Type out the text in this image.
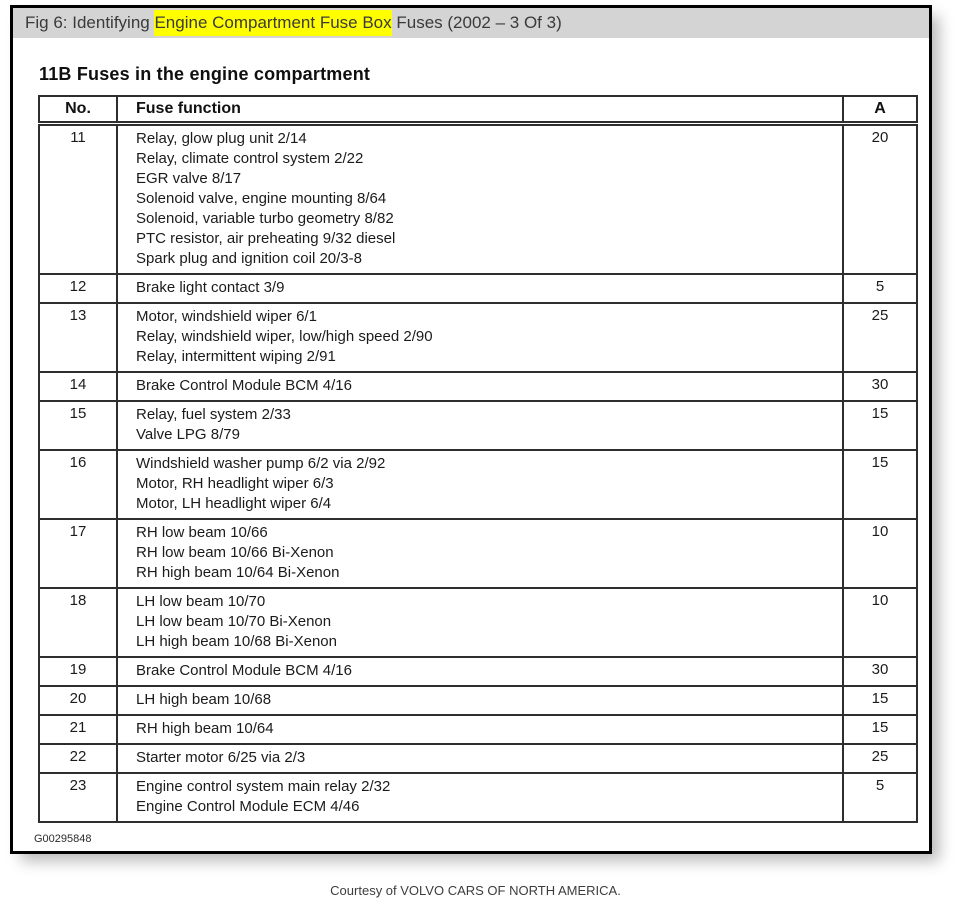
Fig 6: Identifying Engine Compartment Fuse Box Fuses (2002 – 3 Of 3)
11B Fuses in the engine compartment
No.	Fuse function	A
11	Relay, glow plug unit 2/14
Relay, climate control system 2/22
EGR valve 8/17
Solenoid valve, engine mounting 8/64
Solenoid, variable turbo geometry 8/82
PTC resistor, air preheating 9/32 diesel
Spark plug and ignition coil 20/3-8
	20
12	Brake light contact 3/9	5
13	Motor, windshield wiper 6/1
Relay, windshield wiper, low/high speed 2/90
Relay, intermittent wiping 2/91	25
14	Brake Control Module BCM 4/16	30
15	Relay, fuel system 2/33
Valve LPG 8/79	15
16	Windshield washer pump 6/2 via 2/92
Motor, RH headlight wiper 6/3
Motor, LH headlight wiper 6/4	15
17	RH low beam 10/66
RH low beam 10/66 Bi-Xenon
RH high beam 10/64 Bi-Xenon	10
18	LH low beam 10/70
LH low beam 10/70 Bi-Xenon
LH high beam 10/68 Bi-Xenon	10
19	Brake Control Module BCM 4/16	30
20	LH high beam 10/68	15
21	RH high beam 10/64	15
22	Starter motor 6/25 via 2/3	25
23	Engine control system main relay 2/32
Engine Control Module ECM 4/46	5
G00295848
Courtesy of VOLVO CARS OF NORTH AMERICA.
